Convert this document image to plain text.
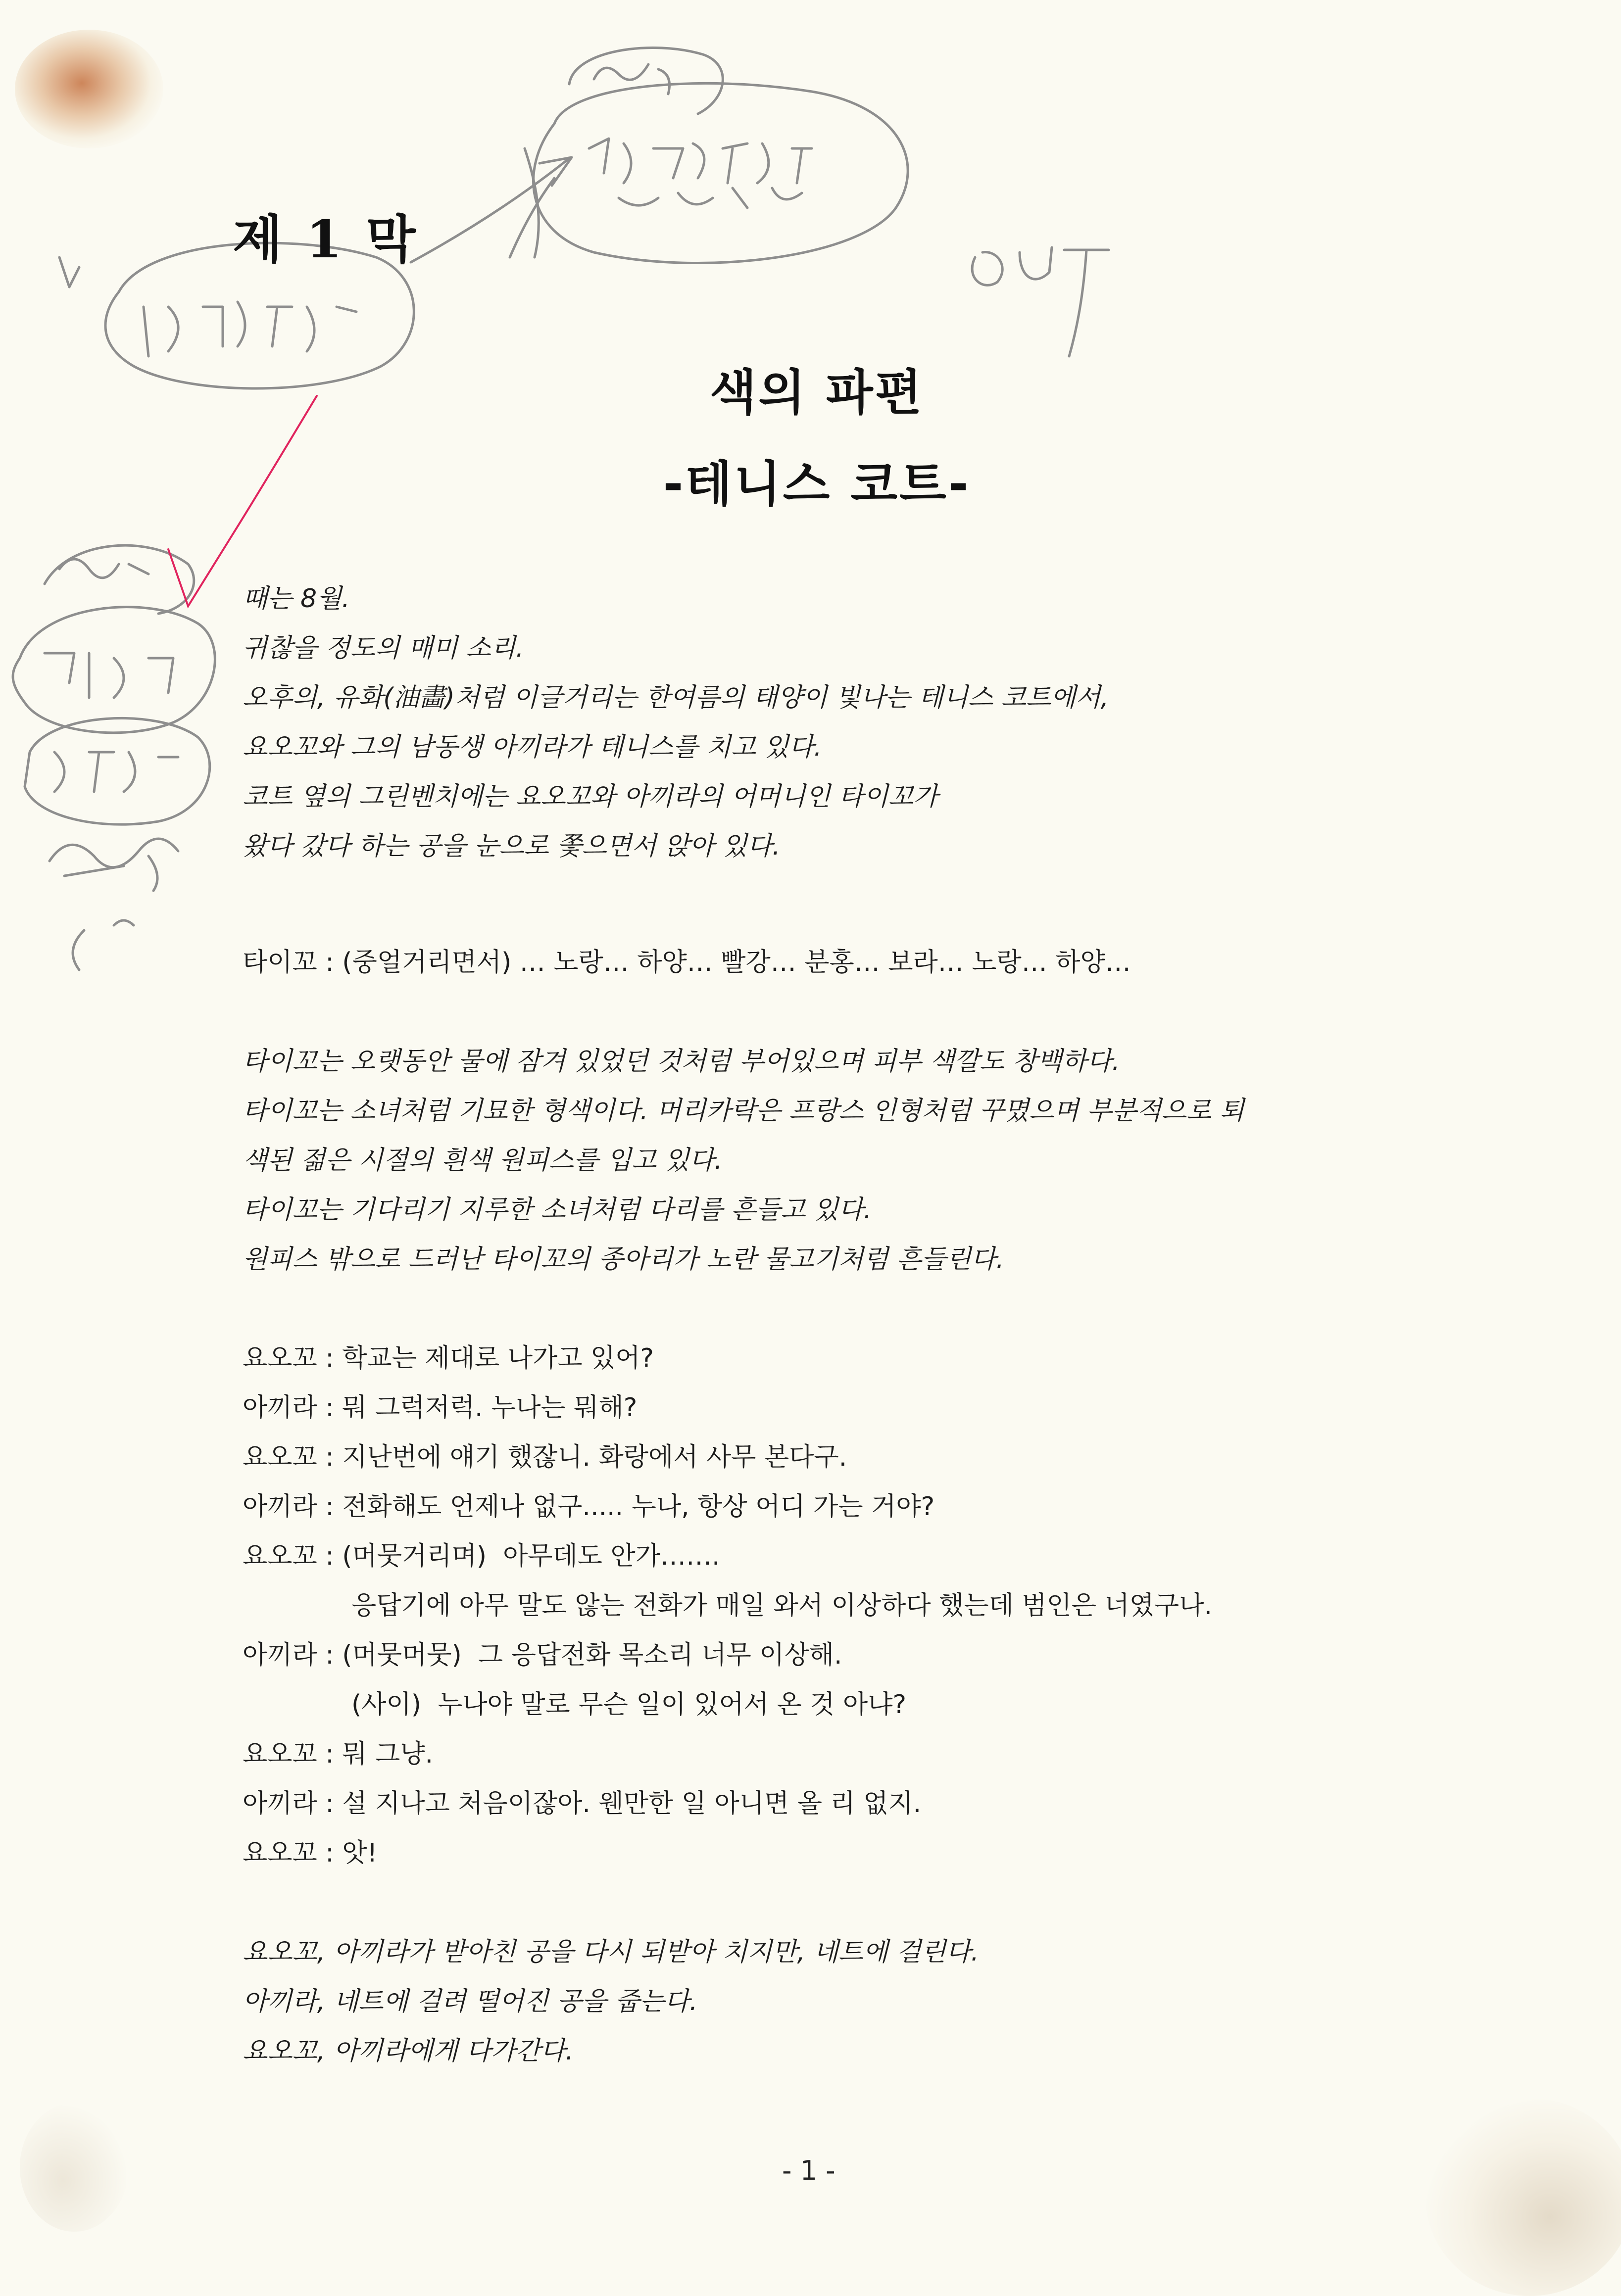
제 1 막
색의 파편
-테니스 코트-
때는 8월.
귀찮을 정도의 매미 소리.
오후의, 유화(油畵)처럼 이글거리는 한여름의 태양이 빛나는 테니스 코트에서,
요오꼬와 그의 남동생 아끼라가 테니스를 치고 있다.
코트 옆의 그린벤치에는 요오꼬와 아끼라의 어머니인 타이꼬가
왔다 갔다 하는 공을 눈으로 쫓으면서 앉아 있다.
타이꼬 : (중얼거리면서) … 노랑… 하양… 빨강… 분홍… 보라… 노랑… 하양…
타이꼬는 오랫동안 물에 잠겨 있었던 것처럼 부어있으며 피부 색깔도 창백하다.
타이꼬는 소녀처럼 기묘한 형색이다. 머리카락은 프랑스 인형처럼 꾸몄으며 부분적으로 퇴
색된 젊은 시절의 흰색 원피스를 입고 있다.
타이꼬는 기다리기 지루한 소녀처럼 다리를 흔들고 있다.
원피스 밖으로 드러난 타이꼬의 종아리가 노란 물고기처럼 흔들린다.
요오꼬 : 학교는 제대로 나가고 있어?
아끼라 : 뭐 그럭저럭. 누나는 뭐해?
요오꼬 : 지난번에 얘기 했잖니. 화랑에서 사무 본다구.
아끼라 : 전화해도 언제나 없구..... 누나, 항상 어디 가는 거야?
요오꼬 : (머뭇거리며)  아무데도 안가…….
응답기에 아무 말도 않는 전화가 매일 와서 이상하다 했는데 범인은 너였구나.
아끼라 : (머뭇머뭇)  그 응답전화 목소리 너무 이상해.
(사이)  누나야 말로 무슨 일이 있어서 온 것 아냐?
요오꼬 : 뭐 그냥.
아끼라 : 설 지나고 처음이잖아. 웬만한 일 아니면 올 리 없지.
요오꼬 : 앗!
요오꼬, 아끼라가 받아친 공을 다시 되받아 치지만, 네트에 걸린다.
아끼라, 네트에 걸려 떨어진 공을 줍는다.
요오꼬, 아끼라에게 다가간다.
- 1 -
